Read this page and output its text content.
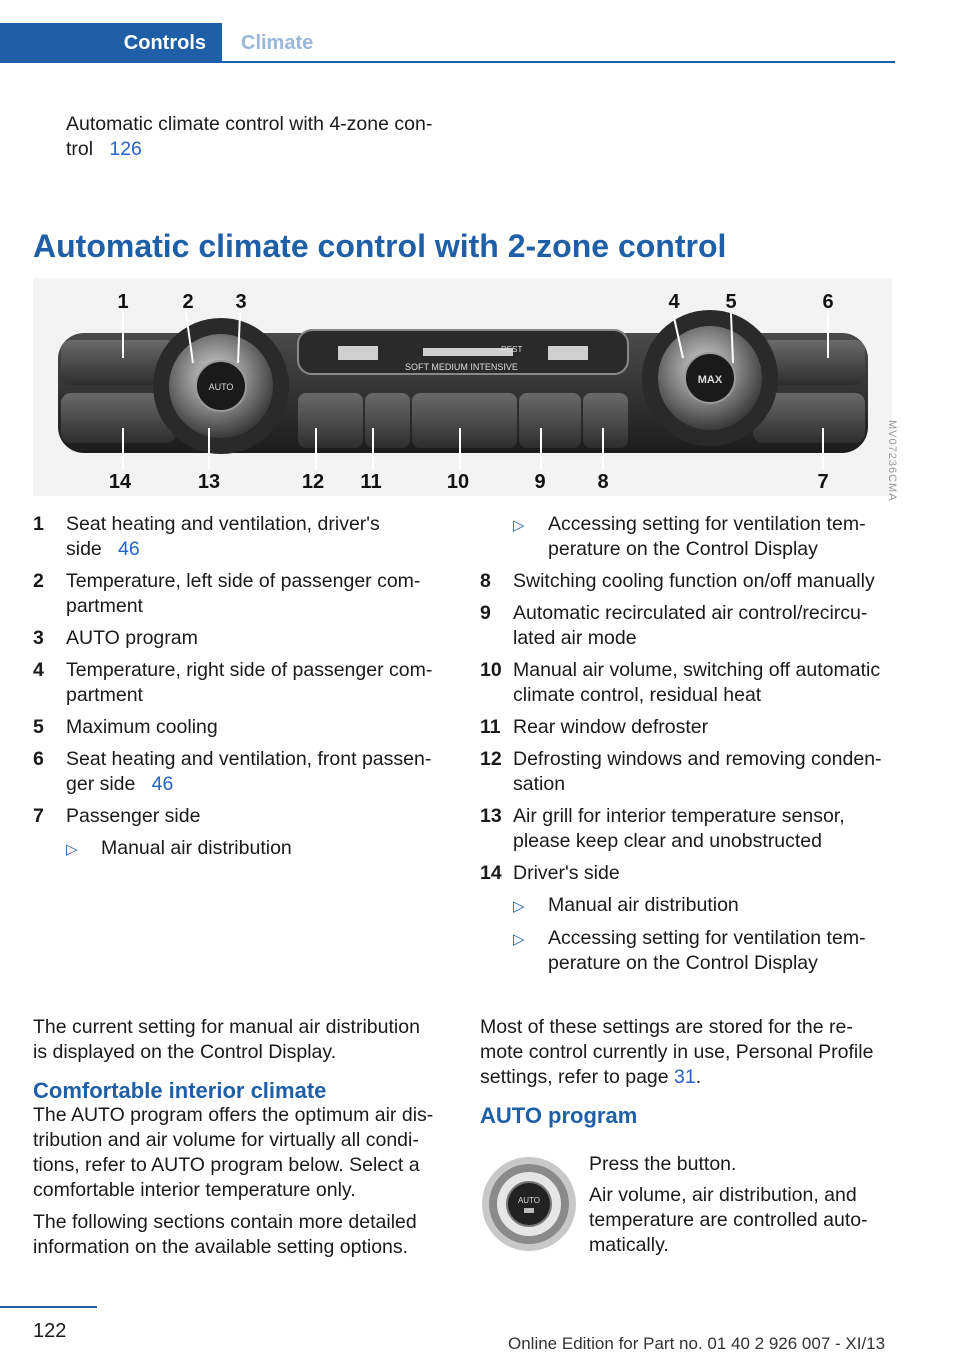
Controls Climate
Automatic climate control with 4-zone con-
trol 126
Automatic climate control with 2-zone control
SOFT MEDIUM INTENSIVE
REST
AUTO
MAX
1	2 3	4 5	6
14	13	12 11	10	9	8	7	MV07236CMA
1	Seat heating and ventilation, driver's
side 46
2	Temperature, left side of passenger com-
partment
3	AUTO program
4	Temperature, right side of passenger com-
partment
5	Maximum cooling
6	Seat heating and ventilation, front passen-
ger side 46
7	Passenger side
▷	Manual air distribution
▷	Accessing setting for ventilation tem-
perature on the Control Display
8	Switching cooling function on/off manually
9	Automatic recirculated air control/recircu-
lated air mode
10 Manual air volume, switching off automatic
climate control, residual heat
11 Rear window defroster
12 Defrosting windows and removing conden-
sation
13 Air grill for interior temperature sensor,
please keep clear and unobstructed
14 Driver's side
▷	Manual air distribution
▷	Accessing setting for ventilation tem-
perature on the Control Display
The current setting for manual air distribution
is displayed on the Control Display.
Comfortable interior climate
The AUTO program offers the optimum air dis-
tribution and air volume for virtually all condi-
tions, refer to AUTO program below. Select a
comfortable interior temperature only.
The following sections contain more detailed
information on the available setting options.
Most of these settings are stored for the re-
mote control currently in use, Personal Profile
settings, refer to page 31.
AUTO program
AUTO
Press the button.
Air volume, air distribution, and
temperature are controlled auto-
matically.
122
Online Edition for Part no. 01 40 2 926 007 - XI/13
